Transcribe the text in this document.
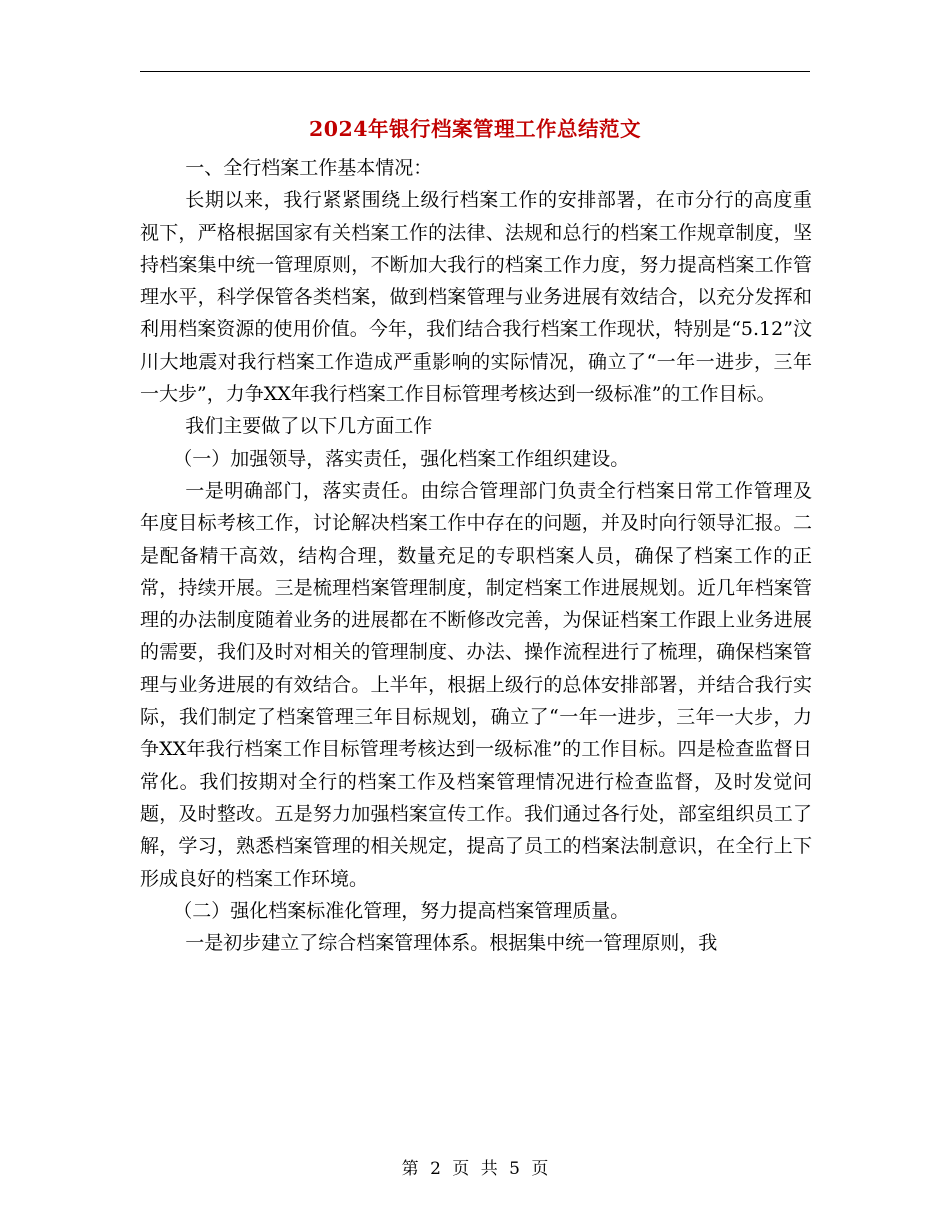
2024年银行档案管理工作总结范文

一、全行档案工作基本情况：

长期以来，我行紧紧围绕上级行档案工作的安排部署，在市分行的高度重视下，严格根据国家有关档案工作的法律、法规和总行的档案工作规章制度，坚持档案集中统一管理原则，不断加大我行的档案工作力度，努力提高档案工作管理水平，科学保管各类档案，做到档案管理与业务进展有效结合，以充分发挥和利用档案资源的使用价值。今年，我们结合我行档案工作现状，特别是“5.12”汶川大地震对我行档案工作造成严重影响的实际情况，确立了“一年一进步，三年一大步”，力争XX年我行档案工作目标管理考核达到一级标准”的工作目标。

我们主要做了以下几方面工作

（一）加强领导，落实责任，强化档案工作组织建设。

一是明确部门，落实责任。由综合管理部门负责全行档案日常工作管理及年度目标考核工作，讨论解决档案工作中存在的问题，并及时向行领导汇报。二是配备精干高效，结构合理，数量充足的专职档案人员，确保了档案工作的正常，持续开展。三是梳理档案管理制度，制定档案工作进展规划。近几年档案管理的办法制度随着业务的进展都在不断修改完善，为保证档案工作跟上业务进展的需要，我们及时对相关的管理制度、办法、操作流程进行了梳理，确保档案管理与业务进展的有效结合。上半年，根据上级行的总体安排部署，并结合我行实际，我们制定了档案管理三年目标规划，确立了“一年一进步，三年一大步，力争XX年我行档案工作目标管理考核达到一级标准”的工作目标。四是检查监督日常化。我们按期对全行的档案工作及档案管理情况进行检查监督，及时发觉问题，及时整改。五是努力加强档案宣传工作。我们通过各行处，部室组织员工了解，学习，熟悉档案管理的相关规定，提高了员工的档案法制意识，在全行上下形成良好的档案工作环境。

（二）强化档案标准化管理，努力提高档案管理质量。

一是初步建立了综合档案管理体系。根据集中统一管理原则，我

第 2 页 共 5 页
